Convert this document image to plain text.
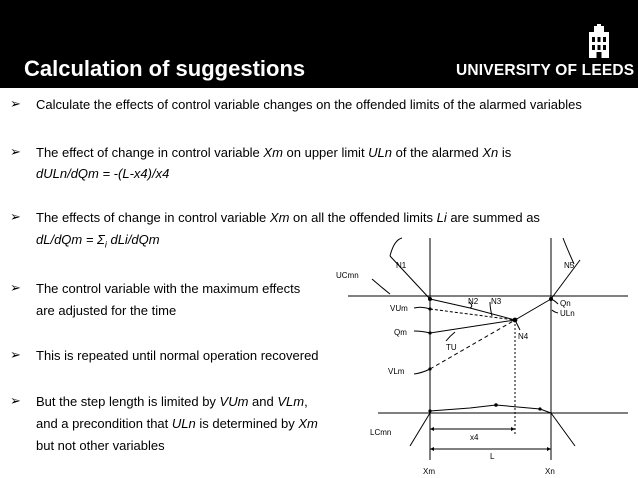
Calculation of suggestions	UNIVERSITY OF LEEDS
➢ Calculate the effects of control variable changes on the offended limits of the alarmed variables
➢ The effect of change in control variable Xm on upper limit ULn of the alarmed Xn is
dULn/dQm = -(L-x4)/x4
➢ The effects of change in control variable Xm on all the offended limits Li are summed as
$dL/dQm = \Sigma_i$ dLi/dQm
➢ The control variable with the maximum effects
are adjusted for the time
➢ This is repeated until normal operation recovered
➢ But the step length is limited by VUm and VLm,
and a precondition that ULn is determined by Xm
but not other variables
UCmn
N1	N5
VUm
N2 N3	Qn
ULn
Qm	N4
TU
VLm
LCmn
x4
L
Xm	Xn
